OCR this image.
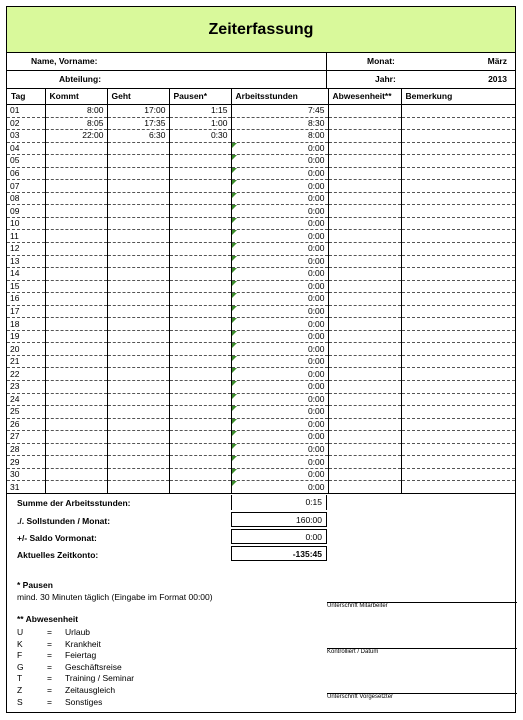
Zeiterfassung
Name, Vorname:	Monat:	März
Abteilung:	Jahr:	2013
Tag	Kommt	Geht	Pausen*	Arbeitsstunden	Abwesenheit**	Bemerkung
01	8:00	17:00	1:15	7:45		
02	8:05	17:35	1:00	8:30		
03	22:00	6:30	0:30	8:00		
04				0:00		
05				0:00		
06				0:00		
07				0:00		
08				0:00		
09				0:00		
10				0:00		
11				0:00		
12				0:00		
13				0:00		
14				0:00		
15				0:00		
16				0:00		
17				0:00		
18				0:00		
19				0:00		
20				0:00		
21				0:00		
22				0:00		
23				0:00		
24				0:00		
25				0:00		
26				0:00		
27				0:00		
28				0:00		
29				0:00		
30				0:00		
31				0:00		
Summe der Arbeitsstunden:	0:15
./. Sollstunden / Monat:	160:00
+/- Saldo Vormonat:	0:00
Aktuelles Zeitkonto:	-135:45
* Pausen
mind. 30 Minuten täglich (Eingabe im Format 00:00)
** Abwesenheit
U	= Urlaub
K	= Krankheit
F	= Feiertag
G	= Geschäftsreise
T	= Training / Seminar
Z	= Zeitausgleich
S	= Sonstiges
Unterschrift Mitarbeiter
Kontrolliert / Datum
Unterschrift Vorgesetzter
